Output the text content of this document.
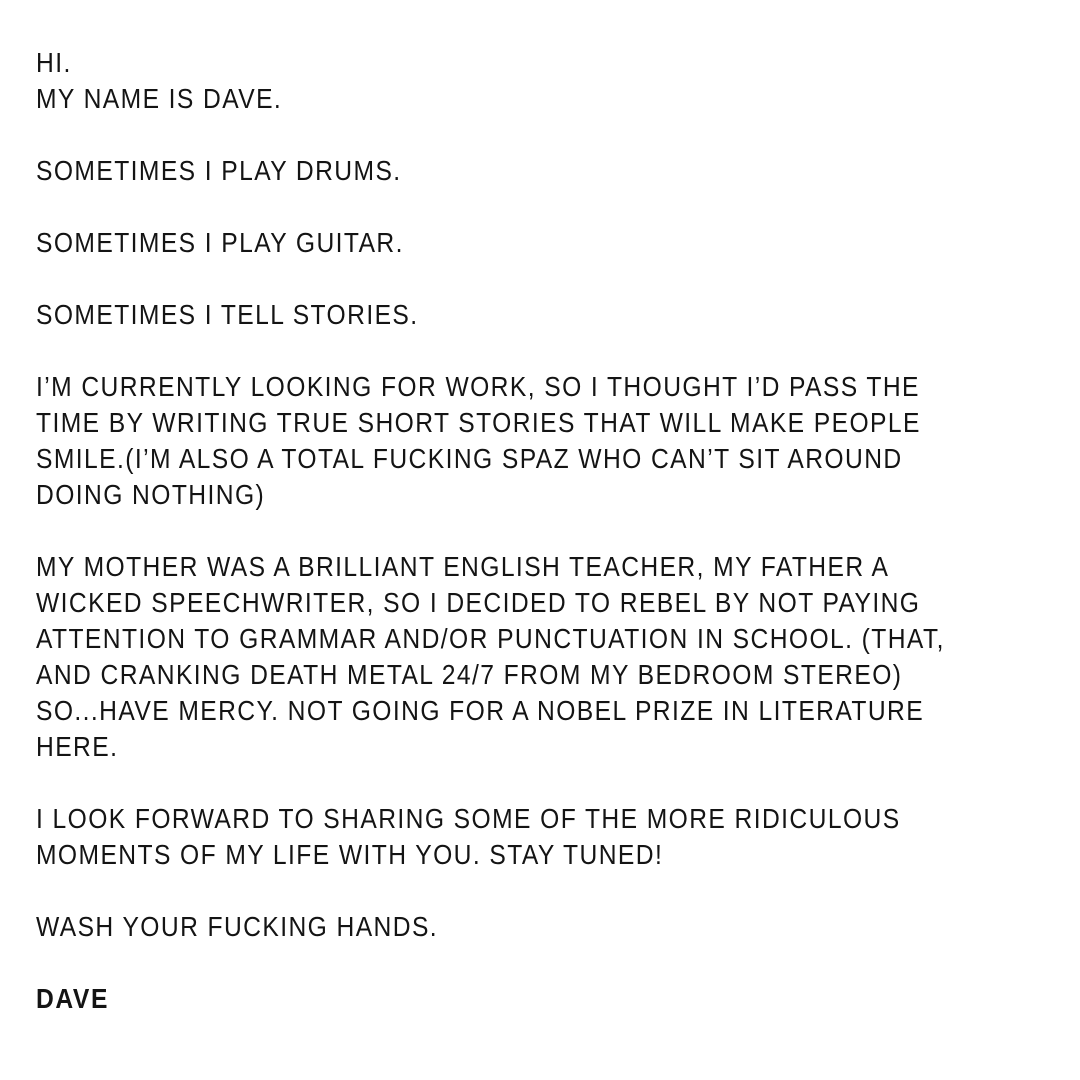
HI.
MY NAME IS DAVE.
SOMETIMES I PLAY DRUMS.
SOMETIMES I PLAY GUITAR.
SOMETIMES I TELL STORIES.
I’M CURRENTLY LOOKING FOR WORK, SO I THOUGHT I’D PASS THE
TIME BY WRITING TRUE SHORT STORIES THAT WILL MAKE PEOPLE
SMILE.(I’M ALSO A TOTAL FUCKING SPAZ WHO CAN’T SIT AROUND
DOING NOTHING)
MY MOTHER WAS A BRILLIANT ENGLISH TEACHER, MY FATHER A
WICKED SPEECHWRITER, SO I DECIDED TO REBEL BY NOT PAYING
ATTENTION TO GRAMMAR AND/OR PUNCTUATION IN SCHOOL. (THAT,
AND CRANKING DEATH METAL 24/7 FROM MY BEDROOM STEREO)
SO...HAVE MERCY. NOT GOING FOR A NOBEL PRIZE IN LITERATURE
HERE.
I LOOK FORWARD TO SHARING SOME OF THE MORE RIDICULOUS
MOMENTS OF MY LIFE WITH YOU. STAY TUNED!
WASH YOUR FUCKING HANDS.
DAVE
